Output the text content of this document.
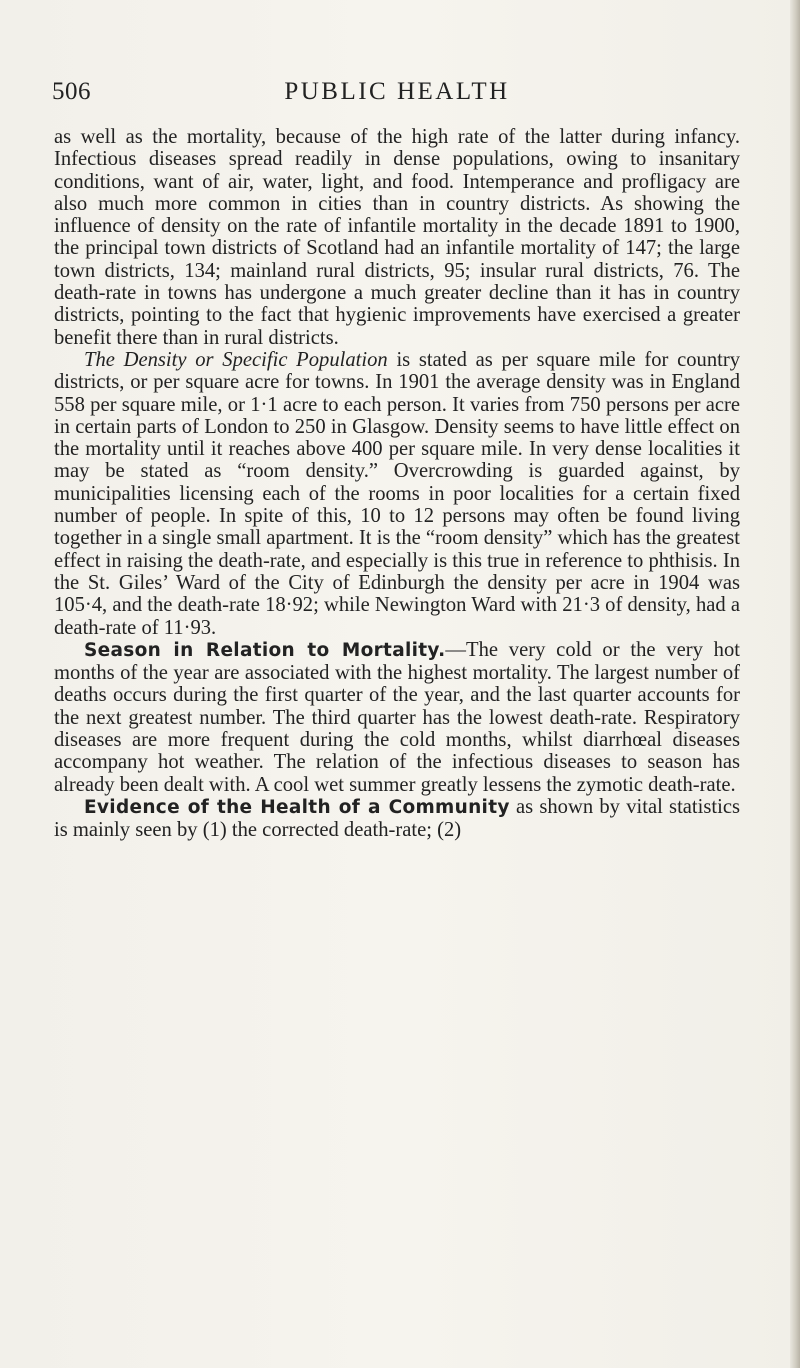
506	PUBLIC HEALTH

as well as the mortality, because of the high rate of the latter during infancy. Infectious diseases spread readily in dense populations, owing to insanitary conditions, want of air, water, light, and food. Intemperance and profligacy are also much more common in cities than in country districts. As showing the influence of density on the rate of infantile mortality in the decade 1891 to 1900, the principal town districts of Scotland had an infantile mortality of 147; the large town districts, 134; mainland rural districts, 95; insular rural districts, 76. The death-rate in towns has undergone a much greater decline than it has in country districts, pointing to the fact that hygienic improvements have exercised a greater benefit there than in rural districts.

The Density or Specific Population is stated as per square mile for country districts, or per square acre for towns. In 1901 the average density was in England 558 per square mile, or 1·1 acre to each person. It varies from 750 persons per acre in certain parts of London to 250 in Glasgow. Density seems to have little effect on the mortality until it reaches above 400 per square mile. In very dense localities it may be stated as “room density.” Overcrowding is guarded against, by municipalities licensing each of the rooms in poor localities for a certain fixed number of people. In spite of this, 10 to 12 persons may often be found living together in a single small apartment. It is the “room density” which has the greatest effect in raising the death-rate, and especially is this true in reference to phthisis. In the St. Giles’ Ward of the City of Edinburgh the density per acre in 1904 was 105·4, and the death-rate 18·92; while Newington Ward with 21·3 of density, had a death-rate of 11·93.

Season in Relation to Mortality.—The very cold or the very hot months of the year are associated with the highest mortality. The largest number of deaths occurs during the first quarter of the year, and the last quarter accounts for the next greatest number. The third quarter has the lowest death-rate. Respiratory diseases are more frequent during the cold months, whilst diarrhœal diseases accompany hot weather. The relation of the infectious diseases to season has already been dealt with. A cool wet summer greatly lessens the zymotic death-rate.

Evidence of the Health of a Community as shown by vital statistics is mainly seen by (1) the corrected death-rate; (2)
